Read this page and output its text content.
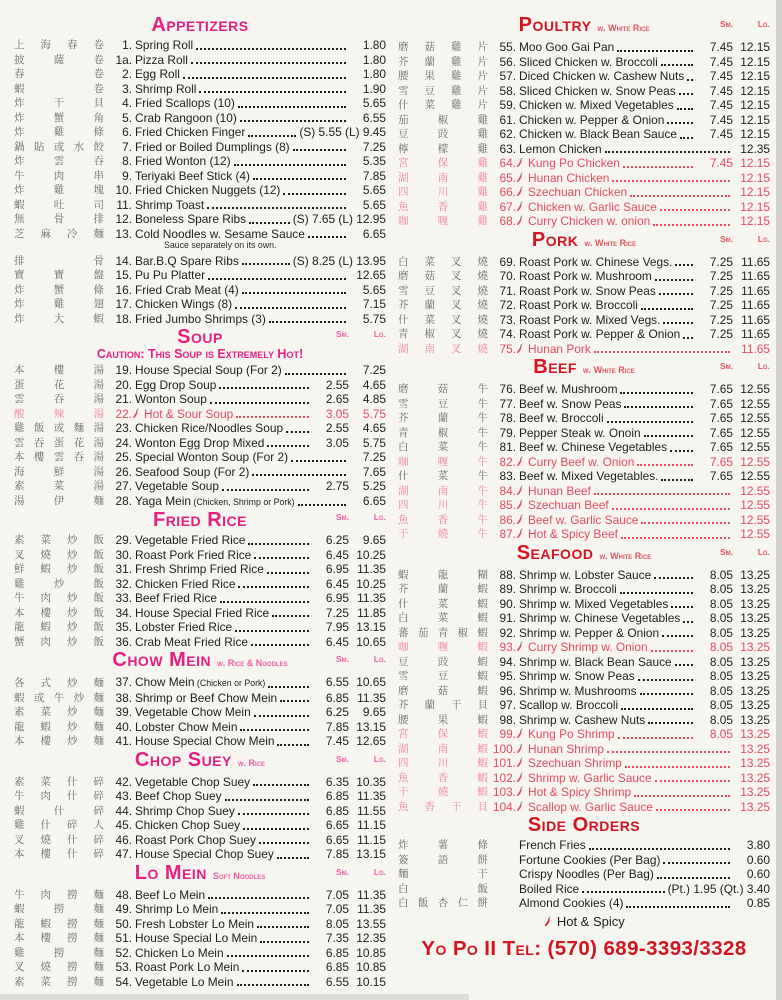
Appetizers
上 海 春 卷	1. Spring Roll	1.80
披	薩	卷 1a. Pizza Roll	1.80
春	卷	2. Egg Roll	1.80
蝦	卷	3. Shrimp Roll	1.90
炸	干	貝	4. Fried Scallops (10)	5.65
炸	蟹	角	5. Crab Rangoon (10)	6.55
炸	雞	條	6. Fried Chicken Finger	(S) 5.55 (L) 9.45
鍋 貼 或 水 餃	7. Fried or Boiled Dumplings (8)	7.25
炸	雲	吞	8. Fried Wonton (12)	5.35
牛	肉	串	9. Teriyaki Beef Stick (4)	7.85
炸	雞	塊 10. Fried Chicken Nuggets (12)	5.65
蝦	吐	司	11. Shrimp Toast	5.65
無	骨	排 12. Boneless Spare Ribs	(S) 7.65 (L) 12.95
芝 麻 冷 麵 13. Cold Noodles w. Sesame Sauce	6.65
Sauce separately on its own.
排	骨 14. Bar.B.Q Spare Ribs	(S) 8.25 (L) 13.95
寶	寶	盤 15. Pu Pu Platter	12.65
炸	蟹	條 16. Fried Crab Meat (4)	5.65
炸	雞	翅 17. Chicken Wings (8)	7.15
炸	大	蝦 18. Fried Jumbo Shrimps (3)	5.75
Soup	Sm.	Lg.
Caution: This Soup is Extremely Hot!
本	樓	湯 19. House Special Soup (For 2)	7.25
蛋	花	湯 20. Egg Drop Soup	2.55	4.65
雲	吞	湯 21. Wonton Soup	2.65	4.85
酸	辣	湯 22. Hot & Sour Soup	3.05	5.75
雞 飯 或 麵 湯 23. Chicken Rice/Noodles Soup	2.55	4.65
雲 吞 蛋 花 湯 24. Wonton Egg Drop Mixed	3.05	5.75
本 樓 雲 吞 湯 25. Special Wonton Soup (For 2)	7.25
海	鮮	湯 26. Seafood Soup (For 2)	7.65
素	菜	湯 27. Vegetable Soup	2.75	5.25
湯	伊	麵 28. Yaga Mein (Chicken, Shrimp or Pork)	6.65
Fried Rice	Sm.	Lg.
素 菜 炒 飯 29. Vegetable Fried Rice	6.25	9.65
叉 燒 炒 飯 30. Roast Pork Fried Rice	6.45 10.25
鮮 蝦 炒 飯 31. Fresh Shrimp Fried Rice	6.95 11.35
雞	炒	飯 32. Chicken Fried Rice	6.45 10.25
牛 肉 炒 飯 33. Beef Fried Rice	6.95 11.35
本 樓 炒 飯 34. House Special Fried Rice	7.25 11.85
龍 蝦 炒 飯 35. Lobster Fried Rice	7.95 13.15
蟹 肉 炒 飯 36. Crab Meat Fried Rice	6.45 10.65
Chow Mein w. Rice & Noodles	Sm.	Lg.
各 式 炒 麵 37. Chow Mein (Chicken or Pork)	6.55 10.65
蝦 或 牛 炒 麵 38. Shrimp or Beef Chow Mein	6.85 11.35
素 菜 炒 麵 39. Vegetable Chow Mein	6.25	9.65
龍 蝦 炒 麵 40. Lobster Chow Mein	7.85 13.15
本 樓 炒 麵 41. House Special Chow Mein	7.45 12.65
Chop Suey w. Rice	Sm.	Lg.
素 菜 什 碎 42. Vegetable Chop Suey	6.35 10.35
牛 肉 什 碎 43. Beef Chop Suey	6.85 11.35
蝦	什	碎 44. Shrimp Chop Suey	6.85 11.55
雞 什 碎 人 45. Chicken Chop Suey	6.65 11.15
叉 燒 什 碎 46. Roast Pork Chop Suey	6.65 11.15
本 樓 什 碎 47. House Special Chop Suey	7.85 13.15
Lo Mein Soft Noodles	Sm.	Lg.
牛 肉 撈 麵 48. Beef Lo Mein	7.05 11.35
蝦	撈	麵 49. Shrimp Lo Mein	7.05 11.35
龍 蝦 撈 麵 50. Fresh Lobster Lo Mein	8.05 13.55
本 樓 撈 麵 51. House Special Lo Mein	7.35 12.35
雞	撈	麵 52. Chicken Lo Mein	6.85 10.85
叉 燒 撈 麵 53. Roast Pork Lo Mein	6.85 10.85
素 菜 撈 麵 54. Vegetable Lo Mein	6.55 10.15
Poultry w. White Rice	Sm.	Lg.
磨 菇 雞 片 55. Moo Goo Gai Pan	7.45 12.15
芥 蘭 雞 片 56. Sliced Chicken w. Broccoli	7.45 12.15
腰 果 雞 片 57. Diced Chicken w. Cashew Nuts	7.45 12.15
雪 豆 雞 片 58. Sliced Chicken w. Snow Peas	7.45 12.15
什 菜 雞 片 59. Chicken w. Mixed Vegetables	7.45 12.15
茄	椒	雞 61. Chicken w. Pepper & Onion	7.45 12.15
豆	豉	雞 62. Chicken w. Black Bean Sauce	7.45 12.15
檸	檬	雞 63. Lemon Chicken	12.35
宮	保	雞 64. Kung Po Chicken	7.45 12.15
湖	南	雞 65. Hunan Chicken	12.15
四	川	雞 66. Szechuan Chicken	12.15
魚	香	雞 67. Chicken w. Garlic Sauce	12.15
咖	喱	雞 68. Curry Chicken w. onion	12.15
Pork w. White Rice	Sm.	Lg.
白 菜 叉 燒 69. Roast Pork w. Chinese Vegs.	7.25 11.65
磨 菇 叉 燒 70. Roast Pork w. Mushroom	7.25 11.65
雪 豆 叉 燒 71. Roast Pork w. Snow Peas	7.25 11.65
芥 蘭 叉 燒 72. Roast Pork w. Broccoli	7.25 11.65
什 菜 叉 燒 73. Roast Pork w. Mixed Vegs.	7.25 11.65
青 椒 叉 燒 74. Roast Pork w. Pepper & Onion	7.25 11.65
湖 南 叉 燒 75. Hunan Pork	11.65
Beef w. White Rice	Sm.	Lg.
磨	菇	牛 76. Beef w. Mushroom	7.65 12.55
雪	豆	牛 77. Beef w. Snow Peas	7.65 12.55
芥	蘭	牛 78. Beef w. Broccoli	7.65 12.55
青	椒	牛 79. Pepper Steak w. Onoin	7.65 12.55
白	菜	牛 81. Beef w. Chinese Vegetables	7.65 12.55
咖	喱	牛 82. Curry Beef w. Onion	7.65 12.55
什	菜	牛 83. Beef w. Mixed Vegetables.	7.65 12.55
湖	南	牛 84. Hunan Beef	12.55
四	川	牛 85. Szechuan Beef	12.55
魚	香	牛 86. Beef w. Garlic Sauce	12.55
干	燒	牛 87. Hot & Spicy Beef	12.55
Seafood w. White Rice	Sm.	Lg.
蝦	龍	糊 88. Shrimp w. Lobster Sauce	8.05 13.25
芥	蘭	蝦 89. Shrimp w. Broccoli	8.05 13.25
什	菜	蝦 90. Shrimp w. Mixed Vegetables	8.05 13.25
白	菜	蝦 91. Shrimp w. Chinese Vegetables	8.05 13.25
蕃 茄 青 椒 蝦 92. Shrimp w. Pepper & Onion	8.05 13.25
咖	喱	蝦 93. Curry Shrimp w. Onion	8.05 13.25
豆	豉	蝦 94. Shrimp w. Black Bean Sauce	8.05 13.25
雪	豆	蝦 95. Shrimp w. Snow Peas	8.05 13.25
磨	菇	蝦 96. Shrimp w. Mushrooms	8.05 13.25
芥 蘭 干 貝 97. Scallop w. Broccoli	8.05 13.25
腰	果	蝦 98. Shrimp w. Cashew Nuts	8.05 13.25
宮	保	蝦 99. Kung Po Shrimp	8.05 13.25
湖	南	蝦 100. Hunan Shrimp	13.25
四	川	蝦 101. Szechuan Shrimp	13.25
魚	香	蝦 102. Shrimp w. Garlic Sauce	13.25
干	燒	蝦 103. Hot & Spicy Shrimp	13.25
魚 香 干 貝 104. Scallop w. Garlic Sauce	13.25
Side Orders
炸	薯	條	French Fries	3.80
簽	語	餅	Fortune Cookies (Per Bag)	0.60
麵	干	Crispy Noodles (Per Bag)	0.60
白	飯	Boiled Rice	(Pt.) 1.95 (Qt.) 3.40
白 飯 杏 仁 餅	Almond Cookies (4)	0.85
Hot & Spicy
Yo Po II Tel: (570) 689-3393/3328
